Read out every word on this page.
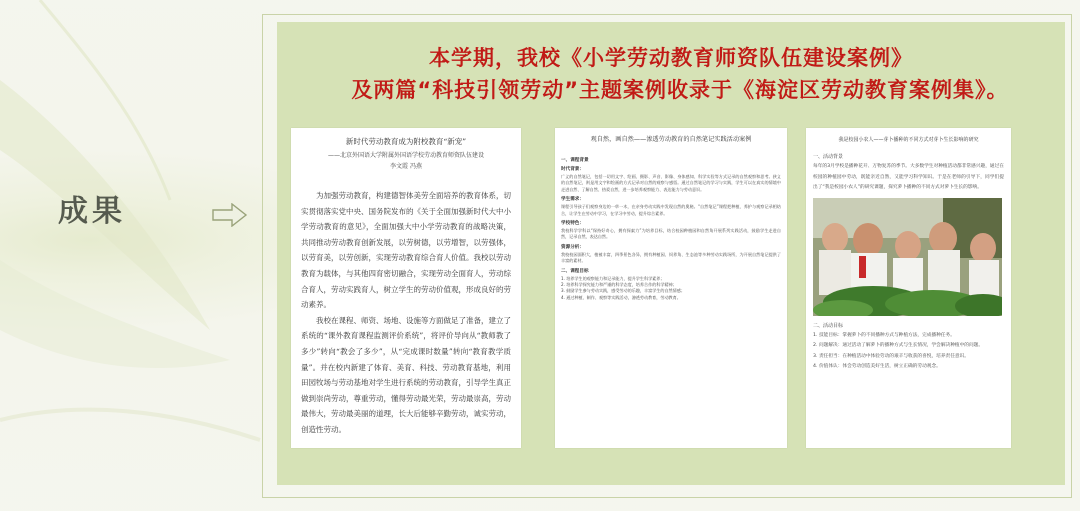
成果
本学期，我校《小学劳动教育师资队伍建设案例》
及两篇“科技引领劳动”主题案例收录于《海淀区劳动教育案例集》。
新时代劳动教育成为附校教育“新宠”
——北京外国语大学附属外国语学校劳动教育师资队伍建设
李文霞 冯燕

为加强劳动教育，构建德智体美劳全面培养的教育体系，切实贯彻落实党中央、国务院发布的《关于全面加强新时代大中小学劳动教育的意见》，全面加强大中小学劳动教育的战略决策，共同推动劳动教育创新发展，以劳树德，以劳增智，以劳强体，以劳育美，以劳创新，实现劳动教育综合育人价值。我校以劳动教育为载体，与其他四育密切融合，实现劳动全面育人，劳动综合育人，劳动实践育人，树立学生的劳动价值观，形成良好的劳动素养。

我校在课程、师资、场地、设施等方面做足了准备，建立了系统的“课外教育课程监测评价系统”，将评价导向从“教师教了多少”转向“教会了多少”，从“完成课时数量”转向“教育教学质量”。并在校内新建了体育、美育、科技、劳动教育基地，利用田园牧场与劳动基地对学生进行系统的劳动教育，引导学生真正做到崇尚劳动，尊重劳动，懂得劳动最光荣，劳动最崇高，劳动最伟大，劳动最美丽的道理，长大后能够辛勤劳动，诚实劳动，创造性劳动。

观自然，画自然——渗透劳动教育的自然笔记实践活动案例
一、课程背景
时代背景：
广义的自然笔记，包括一切用文字、绘画、摄影、声音、影像、身体感知、科学实验等方式记录的自然观察和思考。狭义的自然笔记，则是用文字和绘画的方式记录对自然的观察与感悟。通过自然笔记的学习与实践，学生可以在真实的情境中走进自然、了解自然、热爱自然，进一步培养观察能力、表达能力与劳动意识。
学生需求：
课程引导孩子们观察身边的一草一木，在亲身劳动实践中发现自然的奥秘。“自然笔记”课程把种植、养护与观察记录相结合，让学生在劳动中学习，在学习中劳动，提升综合素养。
学校特色：
我校科学学科以“保持好奇心，拥有探索力”为培养目标，结合校园种植园和自然角开展系列实践活动，鼓励学生走进自然，记录自然，表达自然。
资源分析：
我校校园面积大，植被丰富，四季景色各异，拥有种植园、饲养角、生态池等多种劳动实践场所，为开展自然笔记提供了丰富的素材。
二、课程目标
1. 培养学生的观察能力和记录能力，提升学生科学素养；
2. 培养科学探究能力和严谨的科学态度，培养合作的科学精神；
3. 鼓励学生参与劳动实践，感受劳动的乐趣，丰富学生的自然情感；
4. 通过种植、制作、观察等实践活动，渗透劳动教育，劳动教育。
我是校园小农人——芽卜播种的不同方式对芽卜生长影响的研究
一、活动背景
每年的3月学校是播种花开、万物复苏的季节。大多数学生对种植活动都非常感兴趣，通过在校园的种植园中劳动，既能亲近自然，又能学习科学知识。于是在老师的引导下，同学们提出了“我是校园小农人”的研究课题，探究萝卜播种的不同方式对萝卜生长的影响。
二、活动目标
1. 技能目标：掌握萝卜的不同播种方式与种植方法，完成播种任务。
2. 问题解决：通过活动了解萝卜的播种方式与生长情况，学会解决种植中的问题。
3. 责任担当：在种植活动中体验劳动的艰辛与收获的喜悦，培养责任意识。
4. 价值体认：体会劳动创造美好生活，树立正确的劳动观念。
